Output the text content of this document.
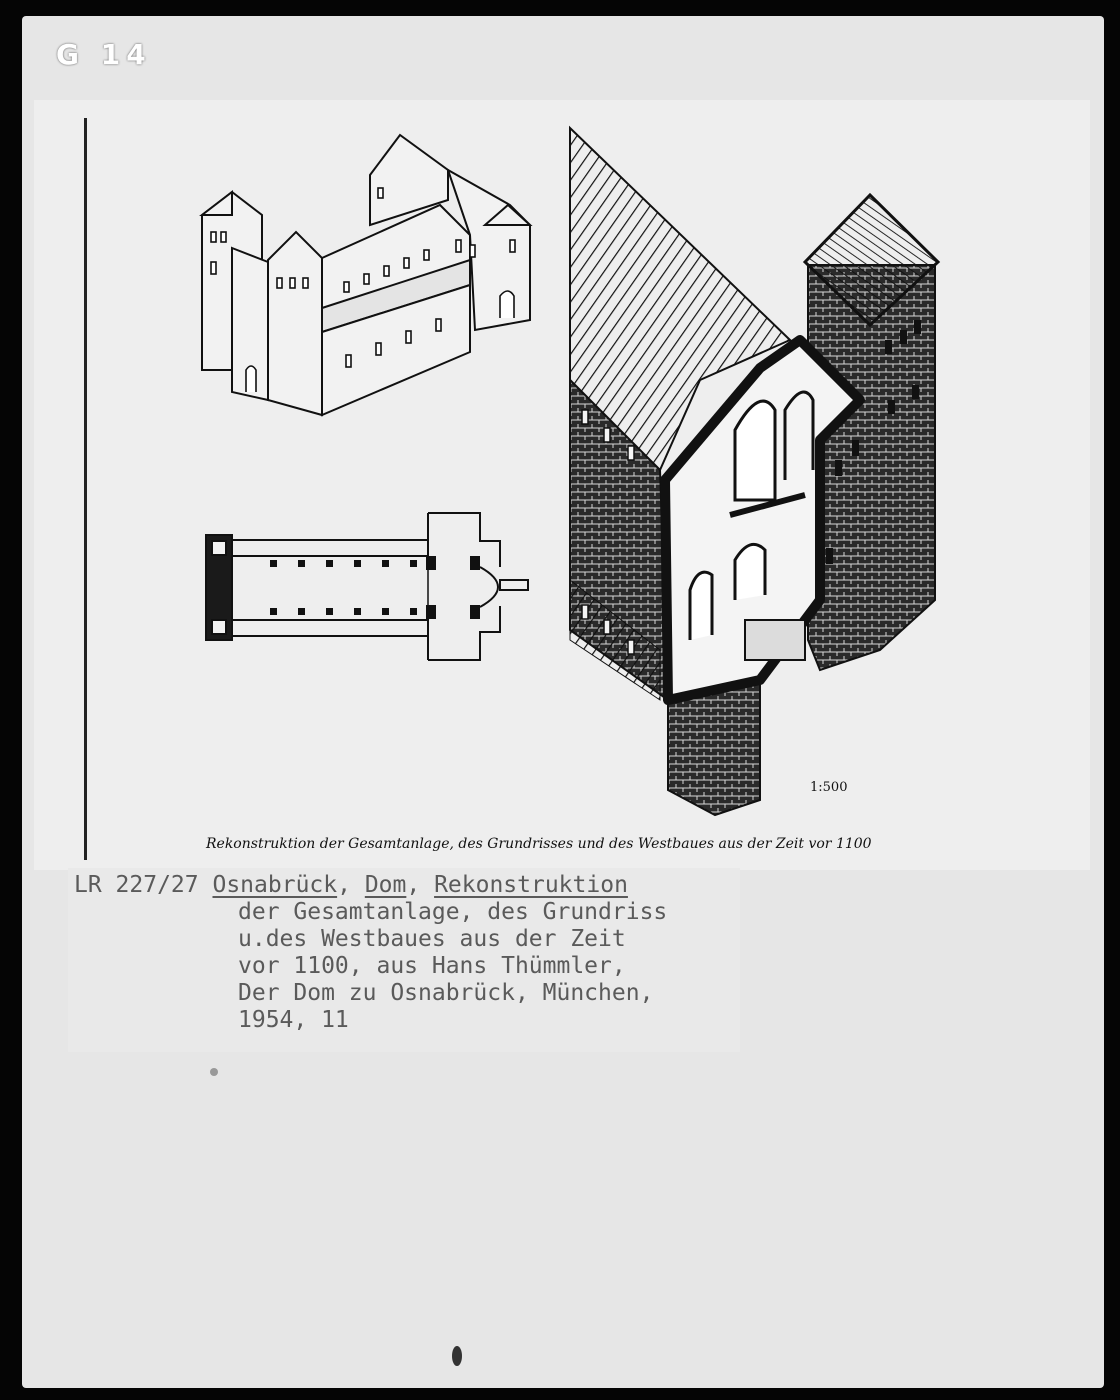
G 14
1:500
Rekonstruktion der Gesamtanlage, des Grundrisses und des Westbaues aus der Zeit vor 1100
LR 227/27 Osnabrück, Dom, Rekonstruktion
der Gesamtanlage, des Grundriss
u.des Westbaues aus der Zeit
vor 1100, aus Hans Thümmler,
Der Dom zu Osnabrück, München,
1954, 11
